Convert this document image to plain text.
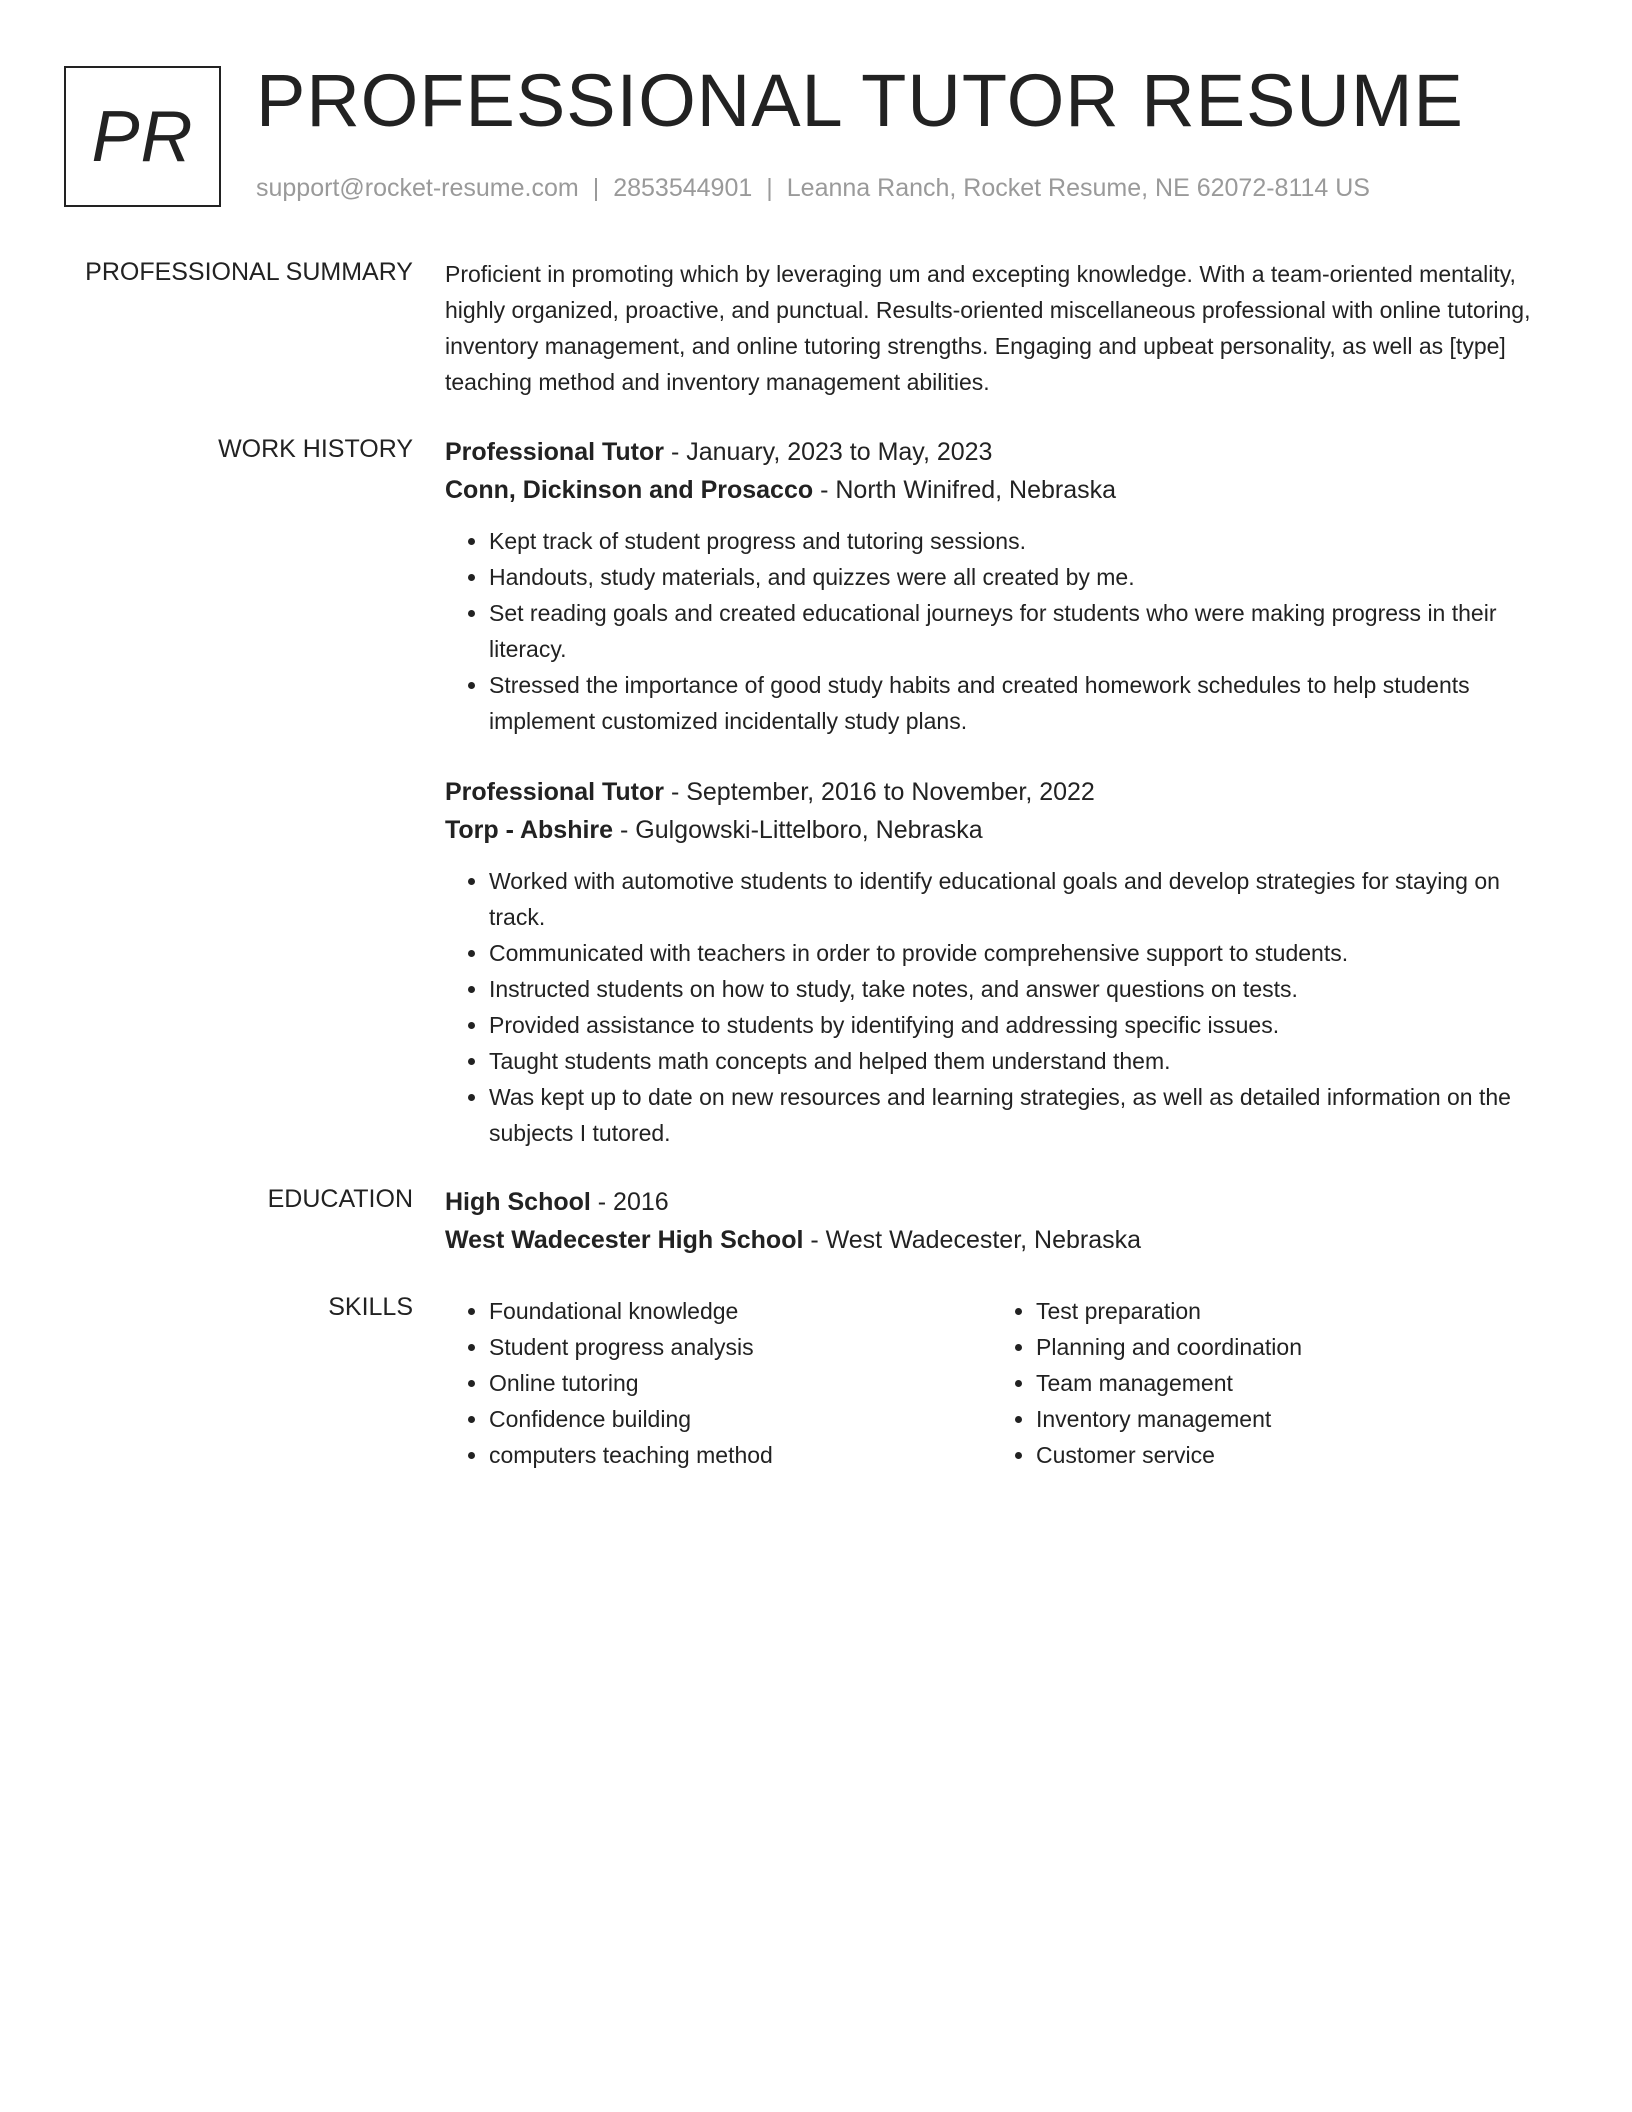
PR PROFESSIONAL TUTOR RESUME
support@rocket-resume.com | 2853544901 | Leanna Ranch, Rocket Resume, NE 62072-8114 US
PROFESSIONAL SUMMARY Proficient in promoting which by leveraging um and excepting knowledge. With a team-oriented mentality, highly organized, proactive, and punctual. Results-oriented miscellaneous professional with online tutoring, inventory management, and online tutoring strengths. Engaging and upbeat personality, as well as [type] teaching method and inventory management abilities.

WORK HISTORY Professional Tutor - January, 2023 to May, 2023
Conn, Dickinson and Prosacco - North Winifred, Nebraska
• Kept track of student progress and tutoring sessions.
• Handouts, study materials, and quizzes were all created by me.
• Set reading goals and created educational journeys for students who were making progress in their literacy.
• Stressed the importance of good study habits and created homework schedules to help students implement customized incidentally study plans.
Professional Tutor - September, 2016 to November, 2022
Torp - Abshire - Gulgowski-Littelboro, Nebraska
• Worked with automotive students to identify educational goals and develop strategies for staying on track.
• Communicated with teachers in order to provide comprehensive support to students.
• Instructed students on how to study, take notes, and answer questions on tests.
• Provided assistance to students by identifying and addressing specific issues.
• Taught students math concepts and helped them understand them.
• Was kept up to date on new resources and learning strategies, as well as detailed information on the subjects I tutored.
EDUCATION High School - 2016
West Wadecester High School - West Wadecester, Nebraska
SKILLS
•	Foundational knowledge
• Student progress analysis
• Online tutoring
• Confidence building
• computers teaching method
• Test preparation
• Planning and coordination
• Team management
• Inventory management
• Customer service
